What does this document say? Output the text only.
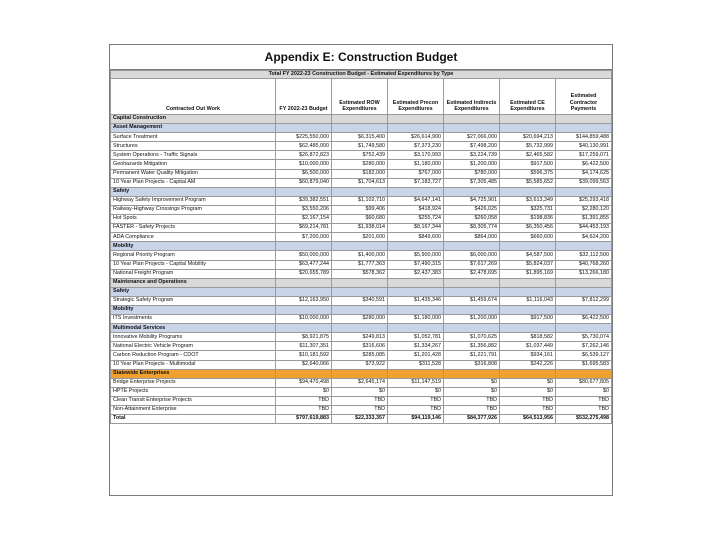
Appendix E: Construction Budget
Total FY 2022-23 Construction Budget - Estimated Expenditures by Type						
Contracted Out Work	FY 2022-23 Budget	Estimated ROW Expenditures	Estimated Precon Expenditures	Estimated Indirects Expenditures	Estimated CE Expenditures	Estimated Contractor Payments
Capital Construction						
Asset Management						
Surface Treatment	$225,550,000	$6,315,400	$26,614,900	$27,066,000	$20,694,213	$144,859,488
Structures	$62,485,000	$1,749,580	$7,373,230	$7,498,200	$5,732,999	$40,130,991
System Operations - Traffic Signals	$26,872,823	$752,439	$3,170,993	$3,224,739	$2,465,582	$17,259,071
Geohazards Mitigation	$10,000,000	$280,000	$1,180,000	$1,200,000	$917,500	$6,422,500
Permanent Water Quality Mitigation	$6,500,000	$182,000	$767,000	$780,000	$596,375	$4,174,625
10 Year Plan Projects - Capital AM	$60,879,040	$1,704,613	$7,183,727	$7,305,485	$5,585,652	$39,099,563
Safety						
Highway Safety Improvement Program	$39,382,551	$1,102,710	$4,647,141	$4,725,901	$3,613,349	$25,293,418
Railway-Highway Crossings Program	$3,550,206	$99,406	$418,924	$426,025	$325,731	$2,280,120
Hot Spots	$2,167,154	$60,680	$255,724	$260,058	$198,836	$1,391,855
FASTER - Safety Projects	$69,214,781	$1,938,014	$8,167,344	$8,305,774	$6,350,456	$44,453,193
ADA Compliance	$7,200,000	$201,600	$849,600	$864,000	$660,600	$4,624,200
Mobility						
Regional Priority Program	$50,000,000	$1,400,000	$5,900,000	$6,000,000	$4,587,500	$32,112,500
10 Year Plan Projects - Capital Mobility	$63,477,244	$1,777,363	$7,490,315	$7,617,269	$5,824,037	$40,768,260
National Freight Program	$20,655,789	$578,362	$2,437,383	$2,478,695	$1,895,169	$13,266,180
Maintenance and Operations						
Safety						
Strategic Safety Program	$12,163,950	$340,591	$1,435,346	$1,459,674	$1,116,043	$7,812,299
Mobility						
ITS Investments	$10,000,000	$280,000	$1,180,000	$1,200,000	$917,500	$6,422,500
Multimodal Services						
Innovative Mobility Programs	$8,921,875	$249,813	$1,052,781	$1,070,625	$818,582	$5,730,074
National Electric Vehicle Program	$11,307,351	$316,606	$1,334,267	$1,356,882	$1,037,449	$7,262,146
Carbon Reduction Program - CDOT	$10,181,592	$285,085	$1,201,428	$1,221,791	$934,161	$6,539,127
10 Year Plan Projects - Multimodal	$2,640,066	$73,922	$311,528	$316,808	$242,226	$1,695,583
Statewide Enterprises						
Bridge Enterprise Projects	$94,470,498	$2,645,174	$11,147,519	$0	$0	$80,677,805
HPTE Projects	$0	$0	$0	$0	$0	$0
Clean Transit Enterprise Projects	TBD	TBD	TBD	TBD	TBD	TBD
Non-Attainment Enterprise	TBD	TBD	TBD	TBD	TBD	TBD
Total	$797,619,883	$22,333,357	$94,119,146	$84,377,926	$64,513,956	$532,275,498
